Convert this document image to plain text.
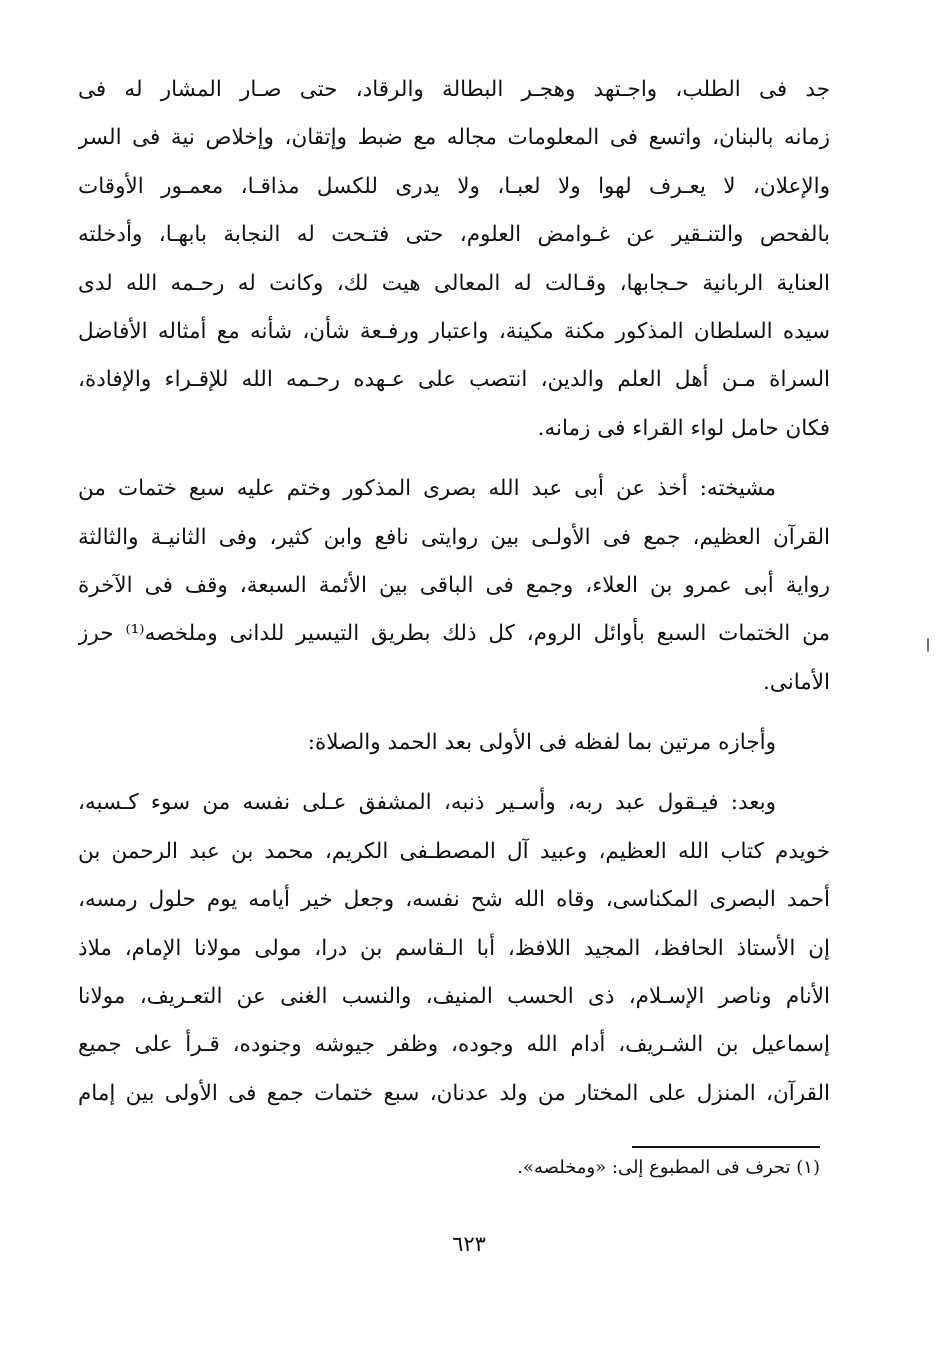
جد فى الطلب، واجـتهد وهجـر البطالة والرقاد، حتى صـار المشار له فى
زمانه بالبنان، واتسع فى المعلومات مجاله مع ضبط وإتقان، وإخلاص نية فى السر
والإعلان، لا يعـرف لهوا ولا لعبـا، ولا يدرى للكسل مذاقـا، معمـور الأوقات
بالفحص والتنـقير عن غـوامض العلوم، حتى فتـحت له النجابة بابهـا، وأدخلته
العناية الربانية حـجابها، وقـالت له المعالى هيت لك، وكانت له رحـمه الله لدى
سيده السلطان المذكور مكنة مكينة، واعتبار ورفـعة شأن، شأنه مع أمثاله الأفاضل
السراة مـن أهل العلم والدين، انتصب على عـهده رحـمه الله للإقـراء والإفادة،
فكان حامل لواء القراء فى زمانه.
مشيخته: أخذ عن أبى عبد الله بصرى المذكور وختم عليه سبع ختمات من
القرآن العظيم، جمع فى الأولـى بين روايتى نافع وابن كثير، وفى الثانيـة والثالثة
رواية أبى عمرو بن العلاء، وجمع فى الباقى بين الأئمة السبعة، وقف فى الآخرة
من الختمات السبع بأوائل الروم، كل ذلك بطريق التيسير للدانى وملخصه⁽¹⁾ حرز
الأمانى.
وأجازه مرتين بما لفظه فى الأولى بعد الحمد والصلاة:
وبعد: فيـقول عبد ربه، وأسـير ذنبه، المشفق عـلى نفسه من سوء كـسبه،
خويدم كتاب الله العظيم، وعبيد آل المصطـفى الكريم، محمد بن عبد الرحمن بن
أحمد البصرى المكناسى، وقاه الله شح نفسه، وجعل خير أيامه يوم حلول رمسه،
إن الأستاذ الحافظ، المجيد اللافظ، أبا الـقاسم بن درا، مولى مولانا الإمام، ملاذ
الأنام وناصر الإسـلام، ذى الحسب المنيف، والنسب الغنى عن التعـريف، مولانا
إسماعيل بن الشـريف، أدام الله وجوده، وظفر جيوشه وجنوده، قـرأ على جميع
القرآن، المنزل على المختار من ولد عدنان، سبع ختمات جمع فى الأولى بين إمام
(١) تحرف فى المطبوع إلى: «ومخلصه».
٦٢٣
